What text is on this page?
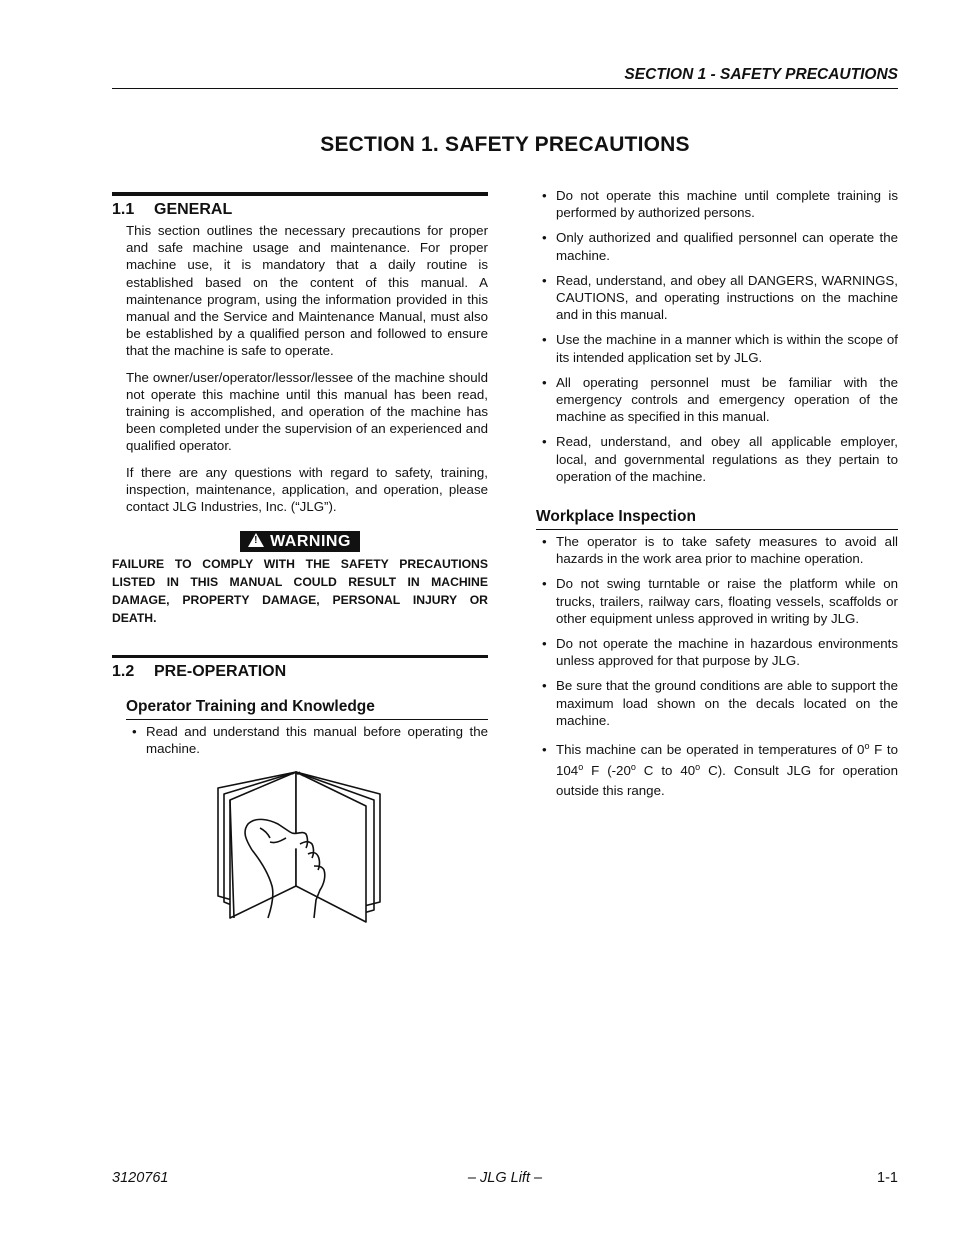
SECTION 1 - SAFETY PRECAUTIONS
SECTION 1. SAFETY PRECAUTIONS
1.1 GENERAL

This section outlines the necessary precautions for proper and safe machine usage and maintenance. For proper machine use, it is mandatory that a daily routine is established based on the content of this manual. A maintenance program, using the information provided in this manual and the Service and Maintenance Manual, must also be established by a qualified person and followed to ensure that the machine is safe to operate.

The owner/user/operator/lessor/lessee of the machine should not operate this machine until this manual has been read, training is accomplished, and operation of the machine has been completed under the supervision of an experienced and qualified operator.

If there are any questions with regard to safety, training, inspection, maintenance, application, and operation, please contact JLG Industries, Inc. (“JLG”).

!WARNING

FAILURE TO COMPLY WITH THE SAFETY PRECAUTIONS LISTED IN THIS MANUAL COULD RESULT IN MACHINE DAMAGE, PROPERTY DAMAGE, PERSONAL INJURY OR DEATH.

1.2 PRE-OPERATION
Operator Training and Knowledge
• Read and understand this manual before operating the machine.
• Do not operate this machine until complete training is performed by authorized persons.
• Only authorized and qualified personnel can operate the machine.
• Read, understand, and obey all DANGERS, WARNINGS, CAUTIONS, and operating instructions on the machine and in this manual.
• Use the machine in a manner which is within the scope of its intended application set by JLG.
• All operating personnel must be familiar with the emergency controls and emergency operation of the machine as specified in this manual.
• Read, understand, and obey all applicable employer, local, and governmental regulations as they pertain to operation of the machine.
Workplace Inspection
• The operator is to take safety measures to avoid all hazards in the work area prior to machine operation.
• Do not swing turntable or raise the platform while on trucks, trailers, railway cars, floating vessels, scaffolds or other equipment unless approved in writing by JLG.
• Do not operate the machine in hazardous environments unless approved for that purpose by JLG.
• Be sure that the ground conditions are able to support the maximum load shown on the decals located on the machine.
• This machine can be operated in temperatures of 0$^o$ F to 104$^o$ F (-20$^o$ C to 40$^o$ C). Consult JLG for operation outside this range.
3120761	– JLG Lift –	1-1
